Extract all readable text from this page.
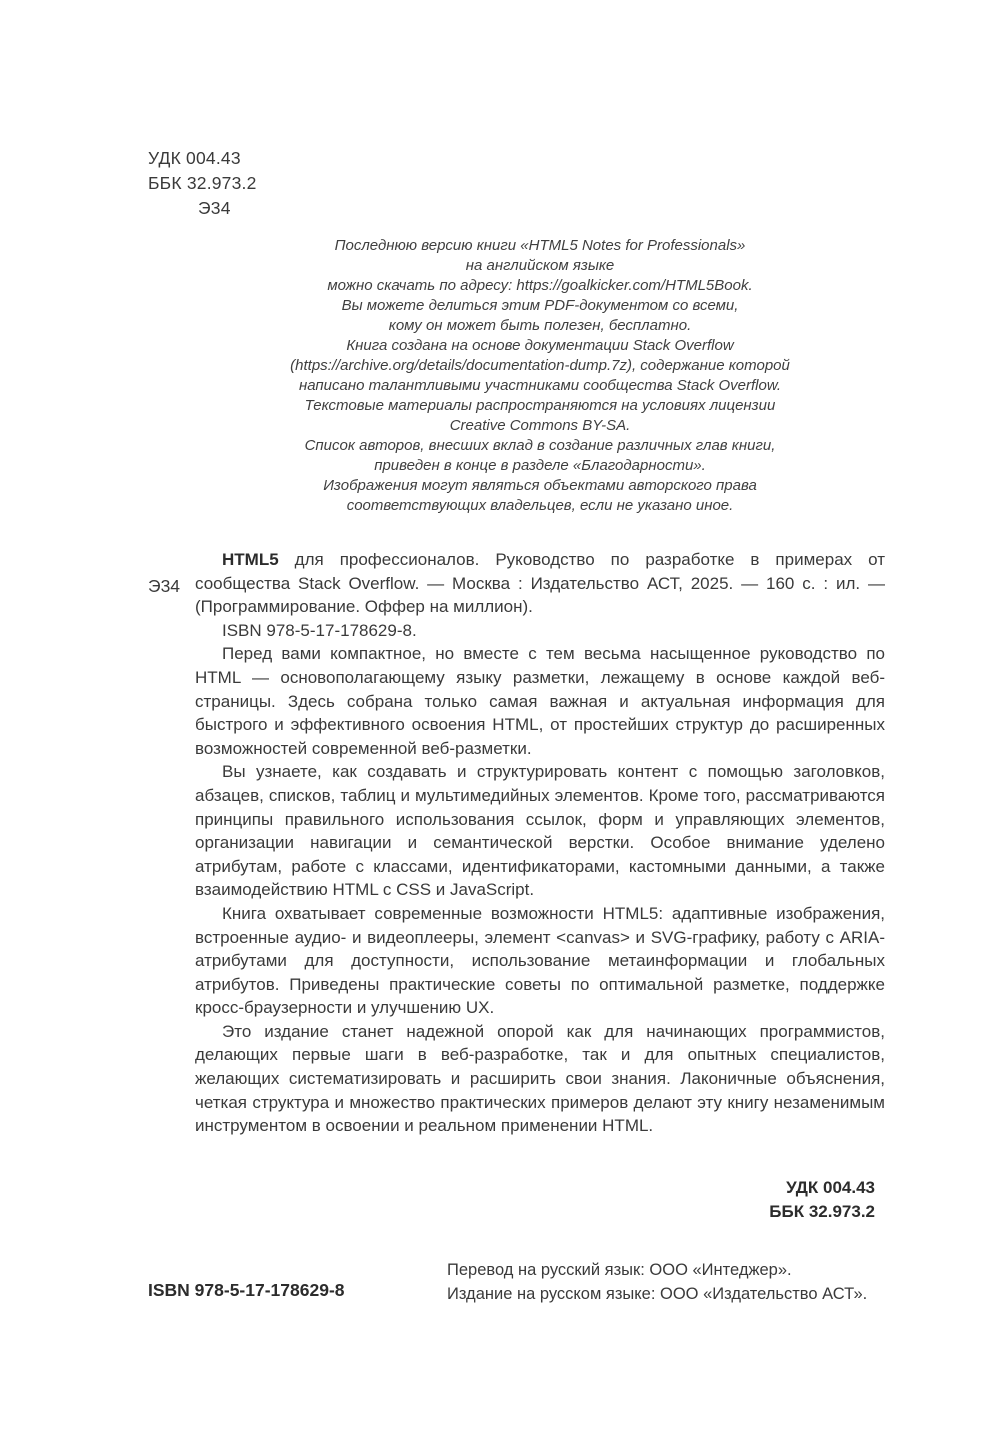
УДК 004.43
ББК 32.973.2
Э34
Последнюю версию книги «HTML5 Notes for Professionals»
на английском языке
можно скачать по адресу: https://goalkicker.com/HTML5Book.
Вы можете делиться этим PDF-документом со всеми,
кому он может быть полезен, бесплатно.
Книга создана на основе документации Stack Overflow
(https://archive.org/details/documentation-dump.7z), содержание которой
написано талантливыми участниками сообщества Stack Overflow.
Текстовые материалы распространяются на условиях лицензии
Creative Commons BY-SA.
Список авторов, внесших вклад в создание различных глав книги,
приведен в конце в разделе «Благодарности».
Изображения могут являться объектами авторского права
соответствующих владельцев, если не указано иное.
Э34

HTML5 для профессионалов. Руководство по разработке в примерах от сообщества Stack Overflow. — Москва : Издательство АСТ, 2025. — 160 с. : ил. — (Программирование. Оффер на миллион).

ISBN 978-5-17-178629-8.

Перед вами компактное, но вместе с тем весьма насыщенное руководство по HTML — основополагающему языку разметки, лежащему в основе каждой веб-страницы. Здесь собрана только самая важная и актуальная информация для быстрого и эффективного освоения HTML, от простейших структур до расширенных возможностей современной веб-разметки.

Вы узнаете, как создавать и структурировать контент с помощью заголовков, абзацев, списков, таблиц и мультимедийных элементов. Кроме того, рассматриваются принципы правильного использования ссылок, форм и управляющих элементов, организации навигации и семантической верстки. Особое внимание уделено атрибутам, работе с классами, идентификаторами, кастомными данными, а также взаимодействию HTML с CSS и JavaScript.

Книга охватывает современные возможности HTML5: адаптивные изображения, встроенные аудио- и видеоплееры, элемент <canvas> и SVG-графику, работу с ARIA-атрибутами для доступности, использование метаинформации и глобальных атрибутов. Приведены практические советы по оптимальной разметке, поддержке кросс-браузерности и улучшению UX.

Это издание станет надежной опорой как для начинающих программистов, делающих первые шаги в веб-разработке, так и для опытных специалистов, желающих систематизировать и расширить свои знания. Лаконичные объяснения, четкая структура и множество практических примеров делают эту книгу незаменимым инструментом в освоении и реальном применении HTML.

УДК 004.43
ББК 32.973.2
ISBN 978-5-17-178629-8
Перевод на русский язык: ООО «Интеджер».
Издание на русском языке: ООО «Издательство АСТ».
